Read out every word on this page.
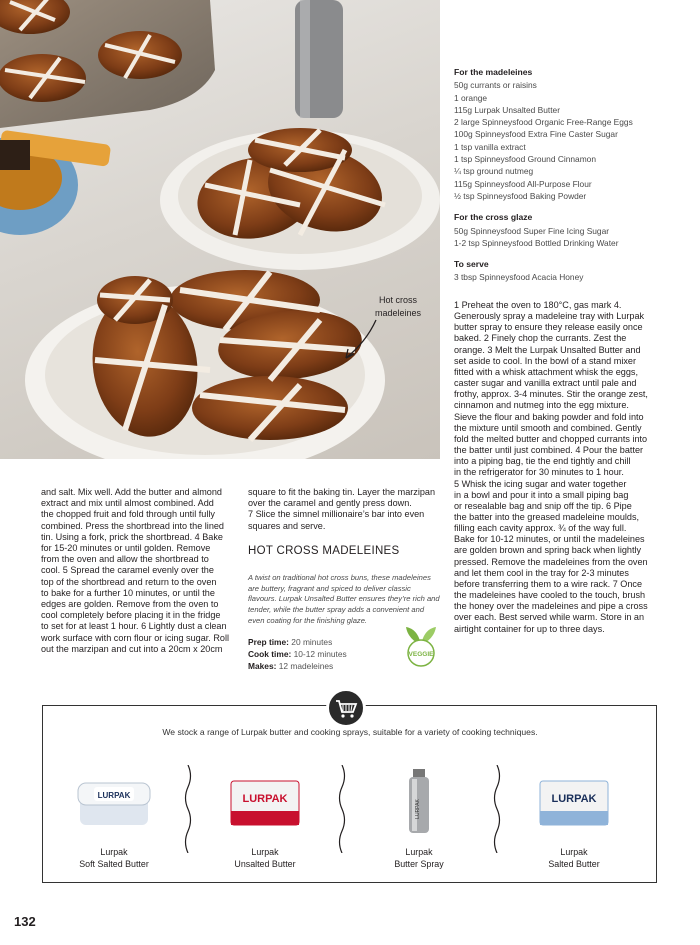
Hot cross madeleines
For the madeleines
50g currants or raisins
1 orange
115g Lurpak Unsalted Butter
2 large Spinneysfood Organic Free-Range Eggs
100g Spinneysfood Extra Fine Caster Sugar
1 tsp vanilla extract
1 tsp Spinneysfood Ground Cinnamon
¼ tsp ground nutmeg
115g Spinneysfood All-Purpose Flour
½ tsp Spinneysfood Baking Powder
For the cross glaze
50g Spinneysfood Super Fine Icing Sugar
1-2 tsp Spinneysfood Bottled Drinking Water
To serve
3 tbsp Spinneysfood Acacia Honey
1 Preheat the oven to 180°C, gas mark 4.
Generously spray a madeleine tray with Lurpak
butter spray to ensure they release easily once
baked. 2 Finely chop the currants. Zest the
orange. 3 Melt the Lurpak Unsalted Butter and
set aside to cool. In the bowl of a stand mixer
fitted with a whisk attachment whisk the eggs,
caster sugar and vanilla extract until pale and
frothy, approx. 3-4 minutes. Stir the orange zest,
cinnamon and nutmeg into the egg mixture.
Sieve the flour and baking powder and fold into
the mixture until smooth and combined. Gently
fold the melted butter and chopped currants into
the batter until just combined. 4 Pour the batter
into a piping bag, tie the end tightly and chill
in the refrigerator for 30 minutes to 1 hour.
5 Whisk the icing sugar and water together
in a bowl and pour it into a small piping bag
or resealable bag and snip off the tip. 6 Pipe
the batter into the greased madeleine moulds,
filling each cavity approx. ¾ of the way full.
Bake for 10-12 minutes, or until the madeleines
are golden brown and spring back when lightly
pressed. Remove the madeleines from the oven
and let them cool in the tray for 2-3 minutes
before transferring them to a wire rack. 7 Once
the madeleines have cooled to the touch, brush
the honey over the madeleines and pipe a cross
over each. Best served while warm. Store in an
airtight container for up to three days.
and salt. Mix well. Add the butter and almond
extract and mix until almost combined. Add
the chopped fruit and fold through until fully
combined. Press the shortbread into the lined
tin. Using a fork, prick the shortbread. 4 Bake
for 15-20 minutes or until golden. Remove
from the oven and allow the shortbread to
cool. 5 Spread the caramel evenly over the
top of the shortbread and return to the oven
to bake for a further 10 minutes, or until the
edges are golden. Remove from the oven to
cool completely before placing it in the fridge
to set for at least 1 hour. 6 Lightly dust a clean
work surface with corn flour or icing sugar. Roll
out the marzipan and cut into a 20cm x 20cm
square to fit the baking tin. Layer the marzipan
over the caramel and gently press down.
7 Slice the simnel millionaire’s bar into even
squares and serve.
HOT CROSS MADELEINES
A twist on traditional hot cross buns, these madeleines
are buttery, fragrant and spiced to deliver classic
flavours. Lurpak Unsalted Butter ensures they’re rich and
tender, while the butter spray adds a convenient and
even coating for the finishing glaze.
Prep time: 20 minutes
Cook time: 10-12 minutes
Makes: 12 madeleines
VEGGIE
We stock a range of Lurpak butter and cooking sprays, suitable for a variety of cooking techniques.
LURPAK
Lurpak
Soft Salted Butter
LURPAK
Lurpak
Unsalted Butter
LURPAK
Lurpak
Butter Spray
LURPAK
Lurpak
Salted Butter
132
